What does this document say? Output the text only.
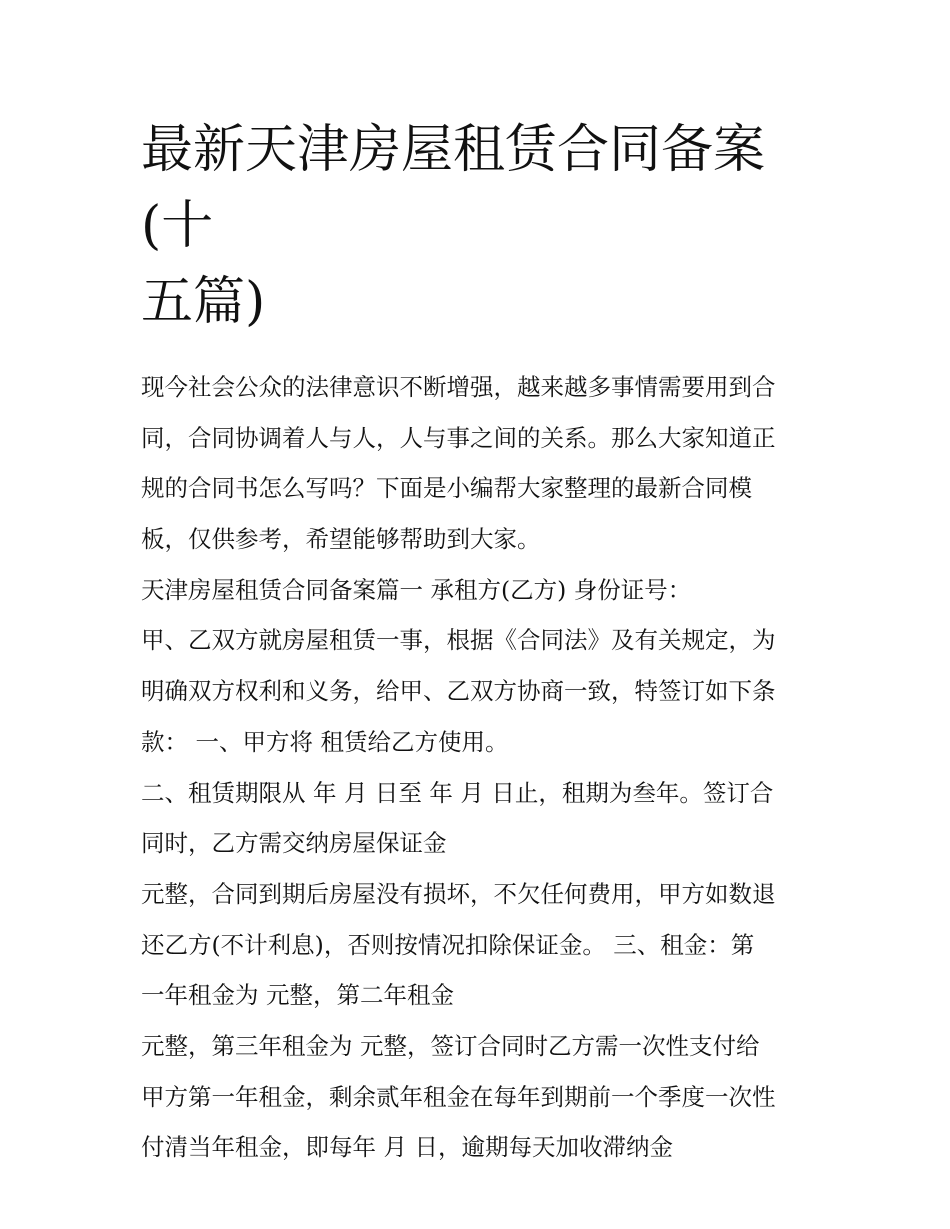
最新天津房屋租赁合同备案(十
五篇)
现今社会公众的法律意识不断增强，越来越多事情需要用到合
同，合同协调着人与人，人与事之间的关系。那么大家知道正
规的合同书怎么写吗？下面是小编帮大家整理的最新合同模
板，仅供参考，希望能够帮助到大家。
天津房屋租赁合同备案篇一 承租方(乙方) 身份证号：
甲、乙双方就房屋租赁一事，根据《合同法》及有关规定，为
明确双方权利和义务，给甲、乙双方协商一致，特签订如下条
款： 一、甲方将 租赁给乙方使用。
二、租赁期限从 年 月 日至 年 月 日止，租期为叁年。签订合
同时，乙方需交纳房屋保证金
元整，合同到期后房屋没有损坏，不欠任何费用，甲方如数退
还乙方(不计利息)，否则按情况扣除保证金。 三、租金：第
一年租金为 元整，第二年租金
元整，第三年租金为 元整，签订合同时乙方需一次性支付给
甲方第一年租金，剩余贰年租金在每年到期前一个季度一次性
付清当年租金，即每年 月 日，逾期每天加收滞纳金
